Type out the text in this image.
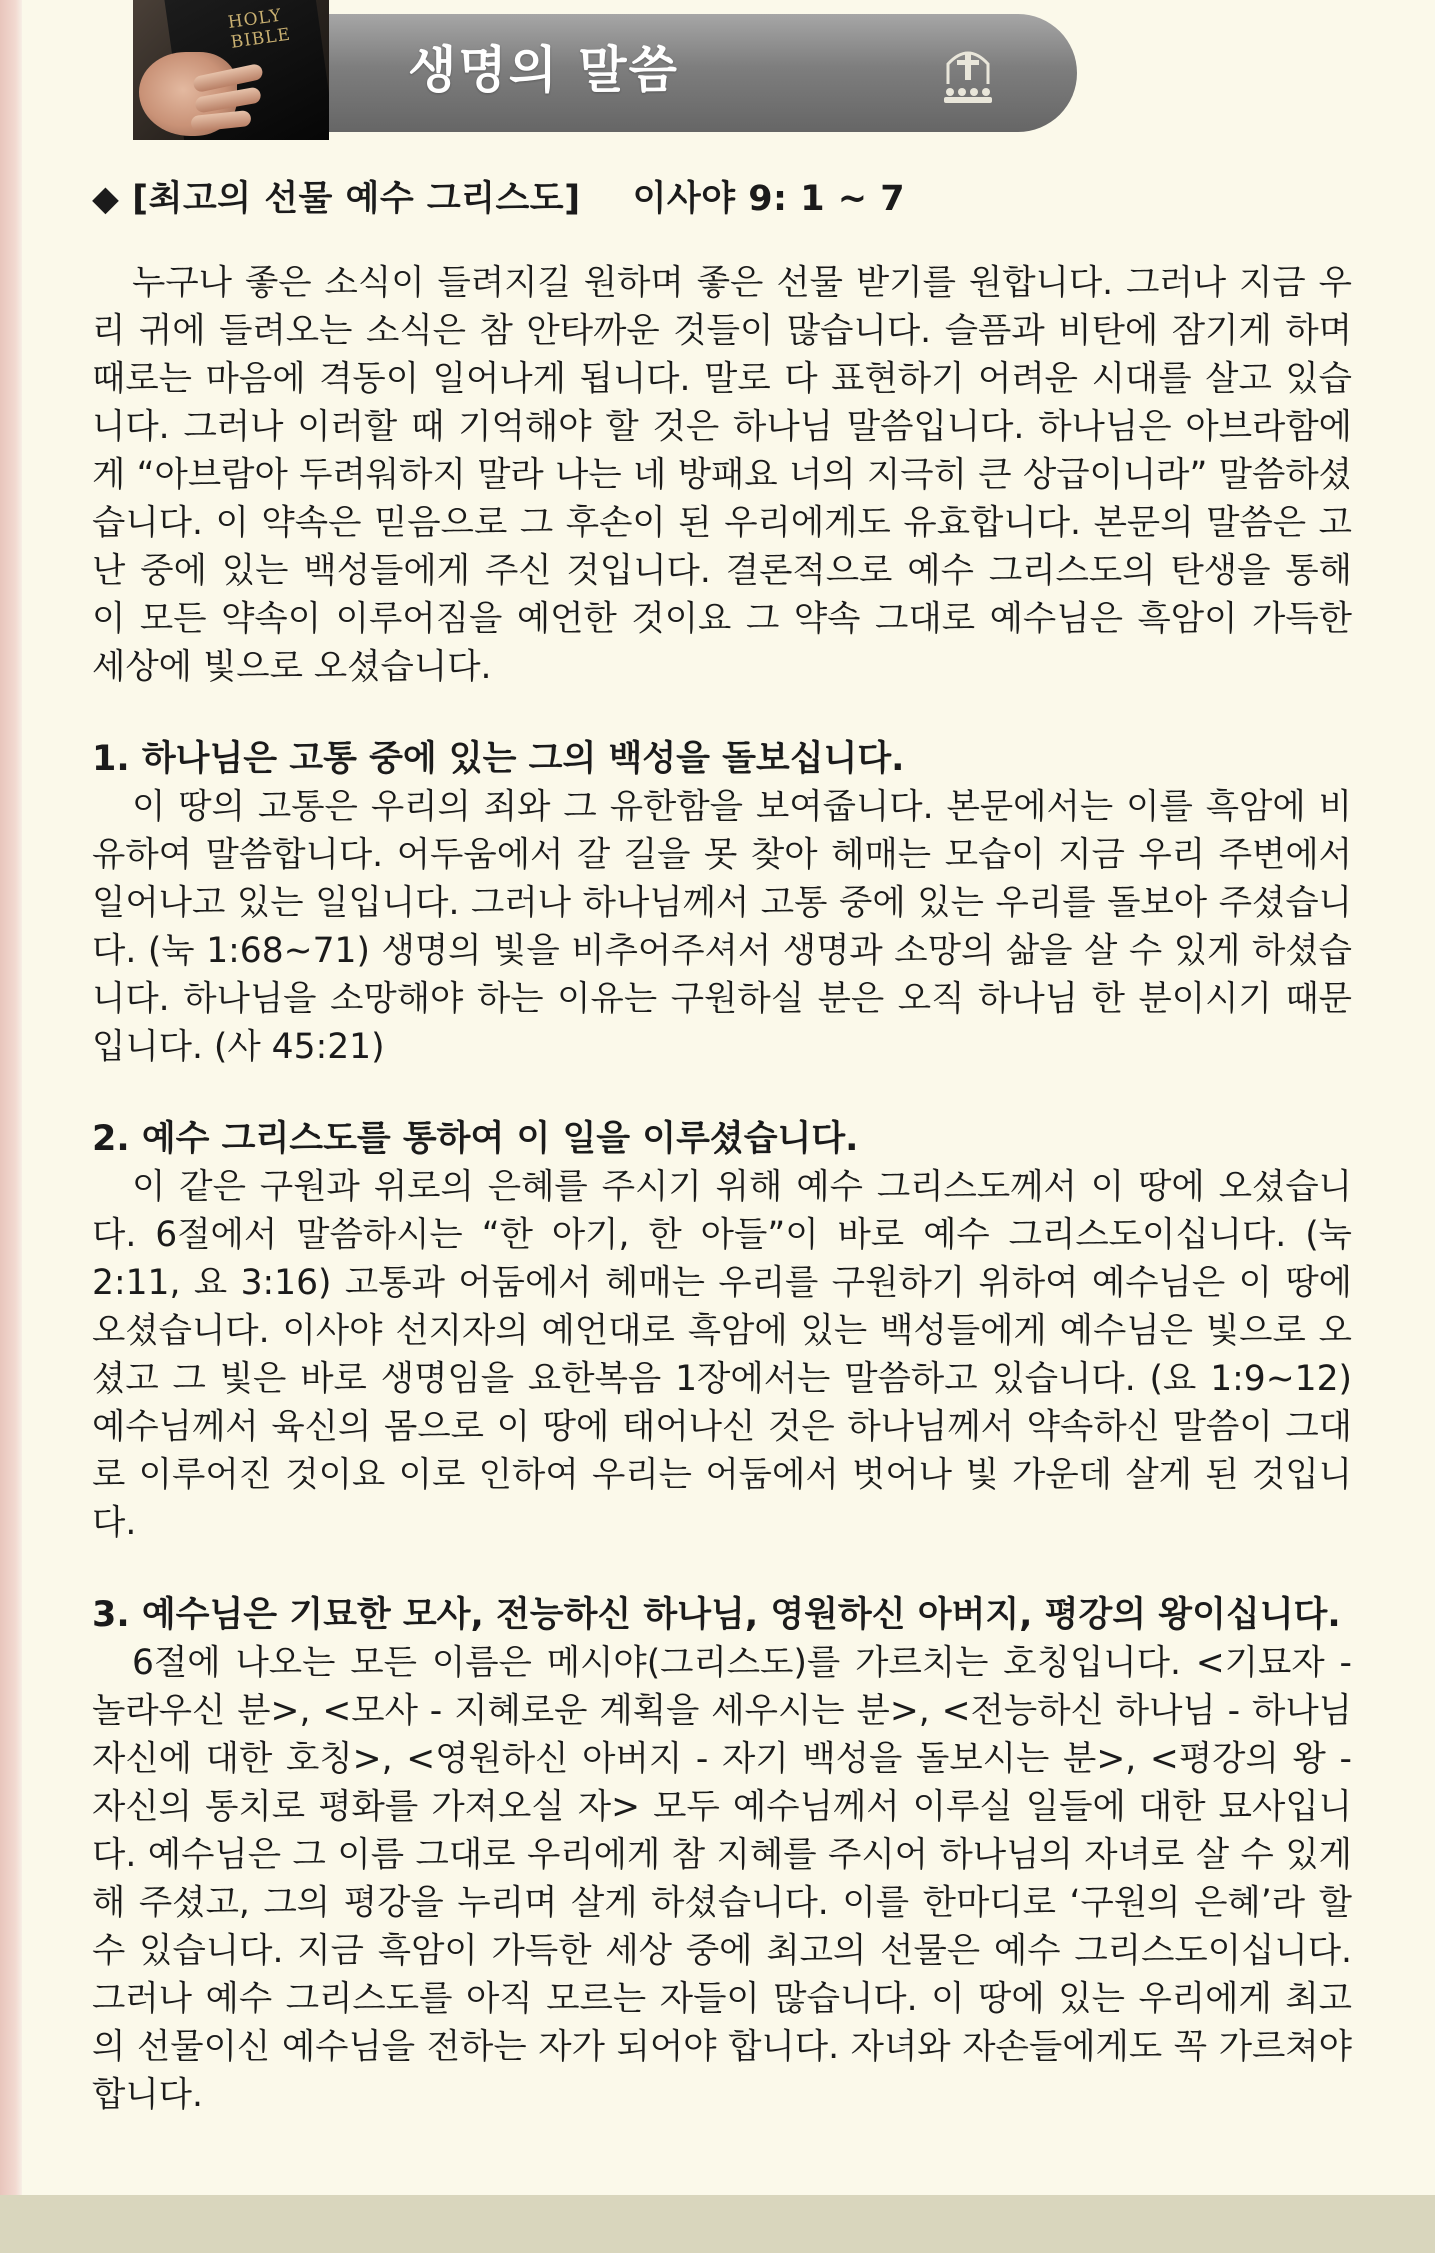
HOLY BIBLE
생명의 말씀
◆ [최고의 선물 예수 그리스도] 이사야 9: 1 ~ 7

누구나 좋은 소식이 들려지길 원하며 좋은 선물 받기를 원합니다. 그러나 지금 우리 귀에 들려오는 소식은 참 안타까운 것들이 많습니다. 슬픔과 비탄에 잠기게 하며 때로는 마음에 격동이 일어나게 됩니다. 말로 다 표현하기 어려운 시대를 살고 있습니다. 그러나 이러할 때 기억해야 할 것은 하나님 말씀입니다. 하나님은 아브라함에게 “아브람아 두려워하지 말라 나는 네 방패요 너의 지극히 큰 상급이니라” 말씀하셨습니다. 이 약속은 믿음으로 그 후손이 된 우리에게도 유효합니다. 본문의 말씀은 고난 중에 있는 백성들에게 주신 것입니다. 결론적으로 예수 그리스도의 탄생을 통해 이 모든 약속이 이루어짐을 예언한 것이요 그 약속 그대로 예수님은 흑암이 가득한 세상에 빛으로 오셨습니다.

1. 하나님은 고통 중에 있는 그의 백성을 돌보십니다.

이 땅의 고통은 우리의 죄와 그 유한함을 보여줍니다. 본문에서는 이를 흑암에 비유하여 말씀합니다. 어두움에서 갈 길을 못 찾아 헤매는 모습이 지금 우리 주변에서 일어나고 있는 일입니다. 그러나 하나님께서 고통 중에 있는 우리를 돌보아 주셨습니다. (눅 1:68~71) 생명의 빛을 비추어주셔서 생명과 소망의 삶을 살 수 있게 하셨습니다. 하나님을 소망해야 하는 이유는 구원하실 분은 오직 하나님 한 분이시기 때문입니다. (사 45:21)

2. 예수 그리스도를 통하여 이 일을 이루셨습니다.

이 같은 구원과 위로의 은혜를 주시기 위해 예수 그리스도께서 이 땅에 오셨습니다. 6절에서 말씀하시는 “한 아기, 한 아들”이 바로 예수 그리스도이십니다. (눅 2:11, 요 3:16) 고통과 어둠에서 헤매는 우리를 구원하기 위하여 예수님은 이 땅에 오셨습니다. 이사야 선지자의 예언대로 흑암에 있는 백성들에게 예수님은 빛으로 오셨고 그 빛은 바로 생명임을 요한복음 1장에서는 말씀하고 있습니다. (요 1:9~12) 예수님께서 육신의 몸으로 이 땅에 태어나신 것은 하나님께서 약속하신 말씀이 그대로 이루어진 것이요 이로 인하여 우리는 어둠에서 벗어나 빛 가운데 살게 된 것입니다.

3. 예수님은 기묘한 모사, 전능하신 하나님, 영원하신 아버지, 평강의 왕이십니다.

6절에 나오는 모든 이름은 메시야(그리스도)를 가르치는 호칭입니다. <기묘자 - 놀라우신 분>, <모사 - 지혜로운 계획을 세우시는 분>, <전능하신 하나님 - 하나님 자신에 대한 호칭>, <영원하신 아버지 - 자기 백성을 돌보시는 분>, <평강의 왕 - 자신의 통치로 평화를 가져오실 자> 모두 예수님께서 이루실 일들에 대한 묘사입니다. 예수님은 그 이름 그대로 우리에게 참 지혜를 주시어 하나님의 자녀로 살 수 있게 해 주셨고, 그의 평강을 누리며 살게 하셨습니다. 이를 한마디로 ‘구원의 은혜’라 할 수 있습니다. 지금 흑암이 가득한 세상 중에 최고의 선물은 예수 그리스도이십니다. 그러나 예수 그리스도를 아직 모르는 자들이 많습니다. 이 땅에 있는 우리에게 최고의 선물이신 예수님을 전하는 자가 되어야 합니다. 자녀와 자손들에게도 꼭 가르쳐야 합니다.
